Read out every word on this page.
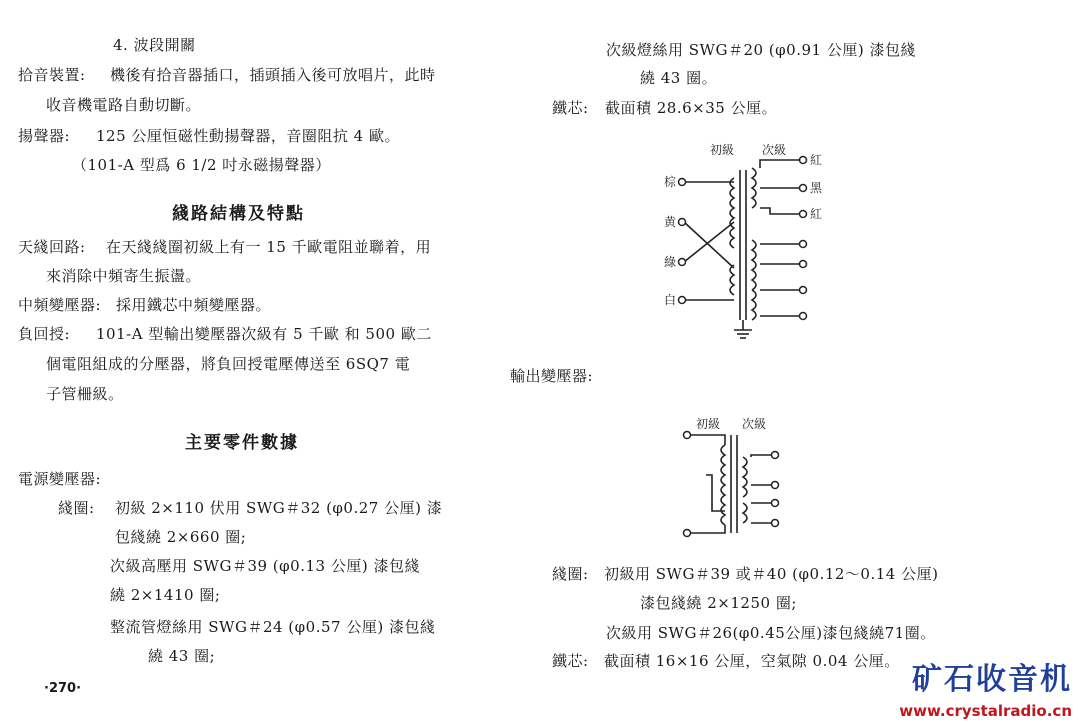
4. 波段開關
拾音裝置: 機後有拾音器插口，插頭插入後可放唱片，此時
收音機電路自動切斷。
揚聲器: 125 公厘恒磁性動揚聲器，音圈阻抗 4 歐。
（101-A 型爲 6 1/2 吋永磁揚聲器）
綫路結構及特點
天綫回路: 在天綫綫圈初級上有一 15 千歐電阻並聯着，用
來消除中頻寄生振盪。
中頻變壓器: 採用鐵芯中頻變壓器。
負回授: 101-A 型輸出變壓器次級有 5 千歐 和 500 歐二
個電阻組成的分壓器，將負回授電壓傳送至 6SQ7 電
子管柵級。
主要零件數據
電源變壓器:
綫圈: 初級 2×110 伏用 SWG＃32 (φ0.27 公厘) 漆
包綫繞 2×660 圈;
次級高壓用 SWG＃39 (φ0.13 公厘) 漆包綫
繞 2×1410 圈;
整流管燈絲用 SWG＃24 (φ0.57 公厘) 漆包綫
繞 43 圈;
·270·
次級燈絲用 SWG＃20 (φ0.91 公厘) 漆包綫
繞 43 圈。
鐵芯: 截面積 28.6×35 公厘。
初級 次級
棕
黄
綠
白
紅
黑
紅
輸出變壓器:
初級 次級
綫圈: 初級用 SWG＃39 或＃40 (φ0.12～0.14 公厘)
漆包綫繞 2×1250 圈;
次級用 SWG＃26(φ0.45公厘)漆包綫繞71圈。
鐵芯: 截面積 16×16 公厘，空氣隙 0.04 公厘。
矿石收音机
www.crystalradio.cn
